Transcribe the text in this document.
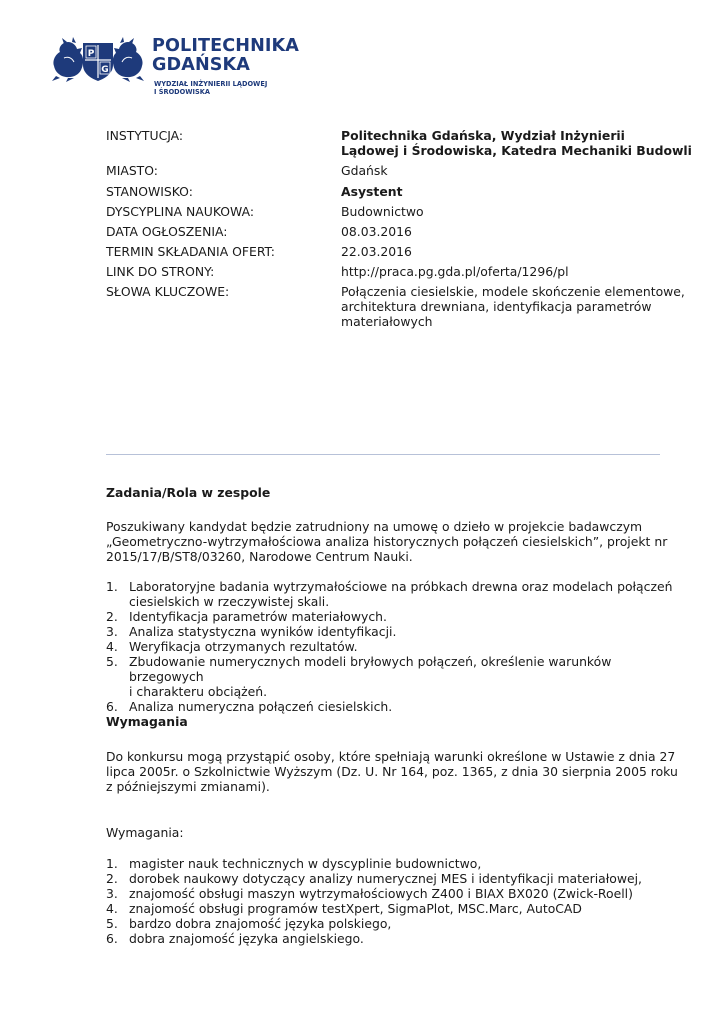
P
G
POLITECHNIKA
GDAŃSKA
WYDZIAŁ INŻYNIERII LĄDOWEJ
I ŚRODOWISKA
INSTYTUCJA:	Politechnika Gdańska, Wydział Inżynierii
Lądowej i Środowiska, Katedra Mechaniki Budowli
MIASTO:	Gdańsk
STANOWISKO:	Asystent
DYSCYPLINA NAUKOWA:	Budownictwo
DATA OGŁOSZENIA:	08.03.2016
TERMIN SKŁADANIA OFERT:	22.03.2016
LINK DO STRONY:	http://praca.pg.gda.pl/oferta/1296/pl
SŁOWA KLUCZOWE:	Połączenia ciesielskie, modele skończenie elementowe,
architektura drewniana, identyfikacja parametrów
materiałowych
Zadania/Rola w zespole
Poszukiwany kandydat będzie zatrudniony na umowę o dzieło w projekcie badawczym
„Geometryczno-wytrzymałościowa analiza historycznych połączeń ciesielskich”, projekt nr
2015/17/B/ST8/03260, Narodowe Centrum Nauki.
1. Laboratoryjne badania wytrzymałościowe na próbkach drewna oraz modelach połączeń
ciesielskich w rzeczywistej skali.
2. Identyfikacja parametrów materiałowych.
3. Analiza statystyczna wyników identyfikacji.
4. Weryfikacja otrzymanych rezultatów.
5. Zbudowanie numerycznych modeli bryłowych połączeń, określenie warunków brzegowych
i charakteru obciążeń.
6. Analiza numeryczna połączeń ciesielskich.
Wymagania
Do konkursu mogą przystąpić osoby, które spełniają warunki określone w Ustawie z dnia 27
lipca 2005r. o Szkolnictwie Wyższym (Dz. U. Nr 164, poz. 1365, z dnia 30 sierpnia 2005 roku
z późniejszymi zmianami).
Wymagania:
1. magister nauk technicznych w dyscyplinie budownictwo,
2. dorobek naukowy dotyczący analizy numerycznej MES i identyfikacji materiałowej,
3. znajomość obsługi maszyn wytrzymałościowych Z400 i BIAX BX020 (Zwick-Roell)
4. znajomość obsługi programów testXpert, SigmaPlot, MSC.Marc, AutoCAD
5. bardzo dobra znajomość języka polskiego,
6. dobra znajomość języka angielskiego.
